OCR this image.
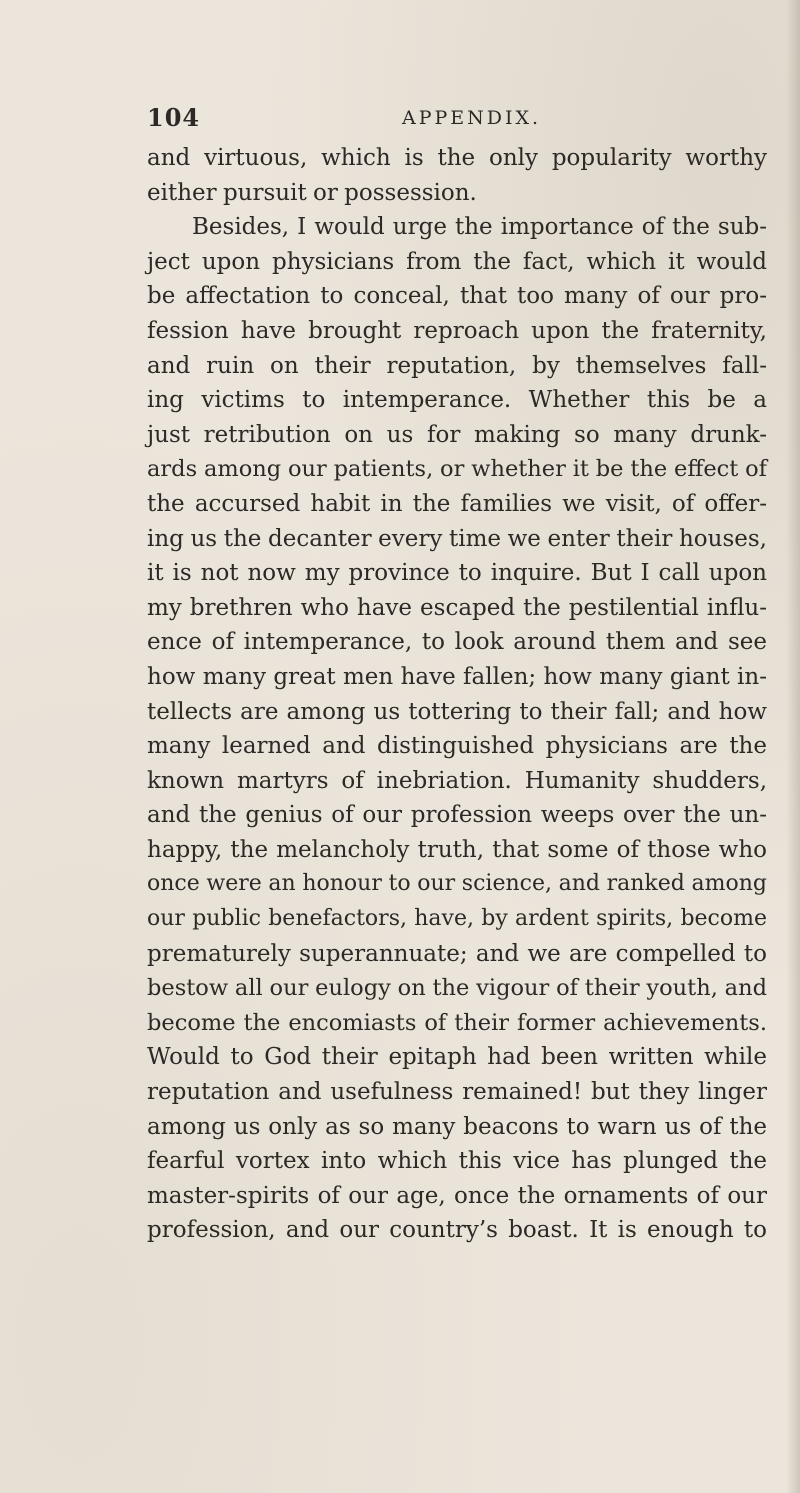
104	APPENDIX.
and virtuous, which is the only popularity worthy
either pursuit or possession.
Besides, I would urge the importance of the sub-
ject upon physicians from the fact, which it would
be affectation to conceal, that too many of our pro-
fession have brought reproach upon the fraternity,
and ruin on their reputation, by themselves fall-
ing victims to intemperance. Whether this be a
just retribution on us for making so many drunk-
ards among our patients, or whether it be the effect of
the accursed habit in the families we visit, of offer-
ing us the decanter every time we enter their houses,
it is not now my province to inquire. But I call upon
my brethren who have escaped the pestilential influ-
ence of intemperance, to look around them and see
how many great men have fallen; how many giant in-
tellects are among us tottering to their fall; and how
many learned and distinguished physicians are the
known martyrs of inebriation. Humanity shudders,
and the genius of our profession weeps over the un-
happy, the melancholy truth, that some of those who
once were an honour to our science, and ranked among
our public benefactors, have, by ardent spirits, become
prematurely superannuate; and we are compelled to
bestow all our eulogy on the vigour of their youth, and
become the encomiasts of their former achievements.
Would to God their epitaph had been written while
reputation and usefulness remained! but they linger
among us only as so many beacons to warn us of the
fearful vortex into which this vice has plunged the
master-spirits of our age, once the ornaments of our
profession, and our country’s boast. It is enough to
